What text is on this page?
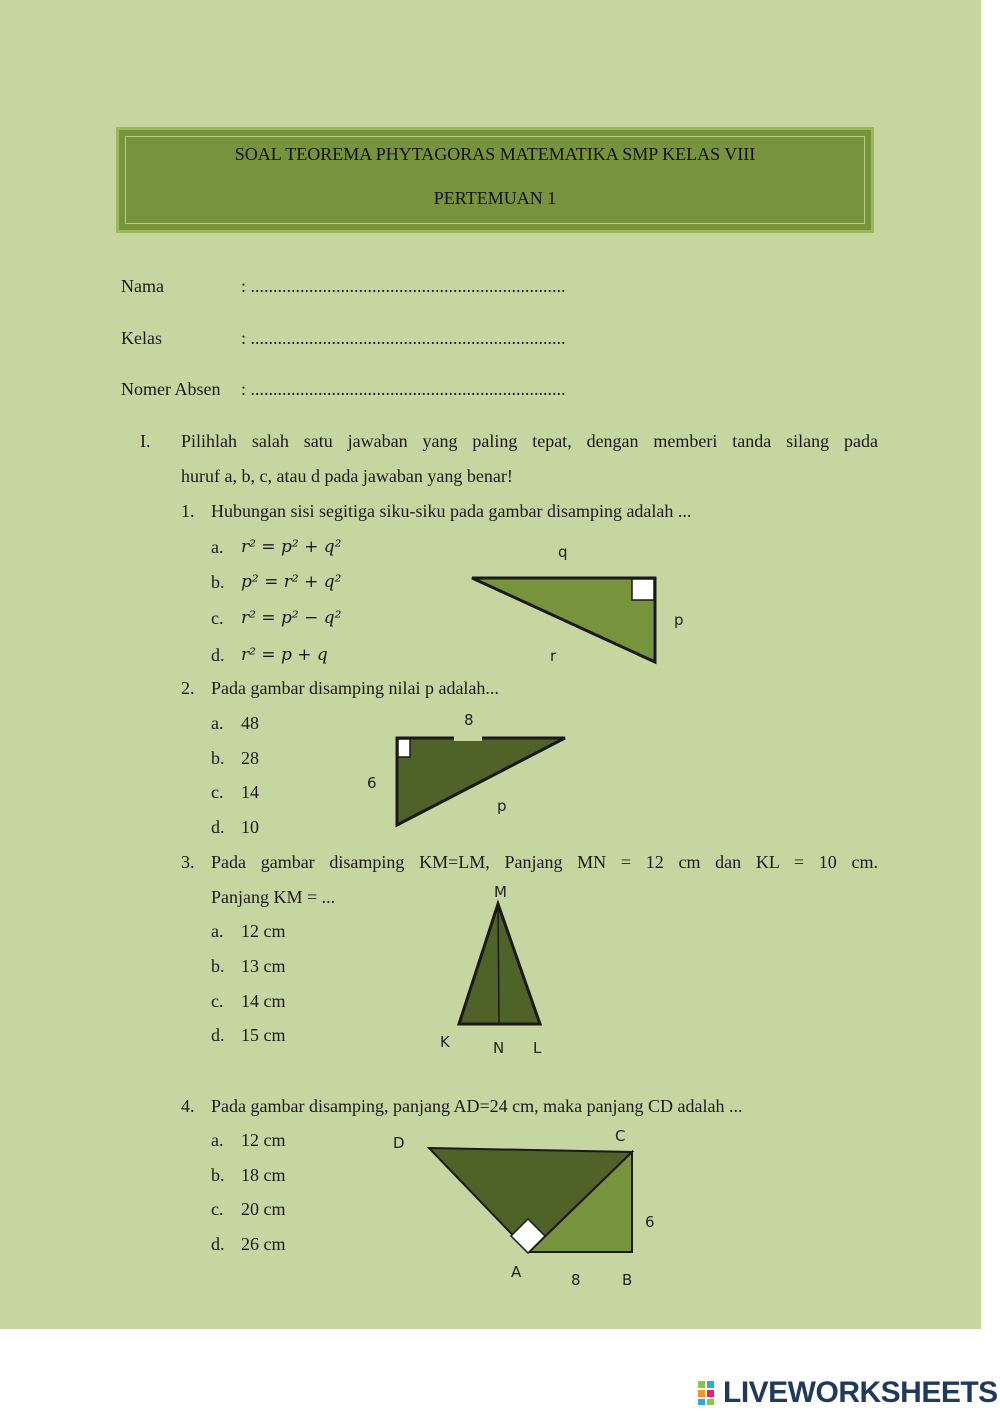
SOAL TEOREMA PHYTAGORAS MATEMATIKA SMP KELAS VIII
PERTEMUAN 1
Nama	: ......................................................................
Kelas	: ......................................................................
Nomer Absen : ......................................................................
I. Pilihlah salah satu jawaban yang paling tepat, dengan memberi tanda silang pada
huruf a, b, c, atau d pada jawaban yang benar!
1. Hubungan sisi segitiga siku-siku pada gambar disamping adalah ...
a. r² = p² + q²
b. p² = r² + q²
c. r² = p² − q²
d. r² = p + q
2. Pada gambar disamping nilai p adalah...
a. 48
b. 28
c. 14
d. 10
3. Pada gambar disamping KM=LM, Panjang MN = 12 cm dan KL = 10 cm.
Panjang KM = ...
a. 12 cm
b. 13 cm
c. 14 cm
d. 15 cm
4. Pada gambar disamping, panjang AD=24 cm, maka panjang CD adalah ...
a. 12 cm
b. 18 cm
c. 20 cm
d. 26 cm
q
p
r
8
6
p
M
K	N L
D	C
6
A	8	B
LIVEWORKSHEETS
